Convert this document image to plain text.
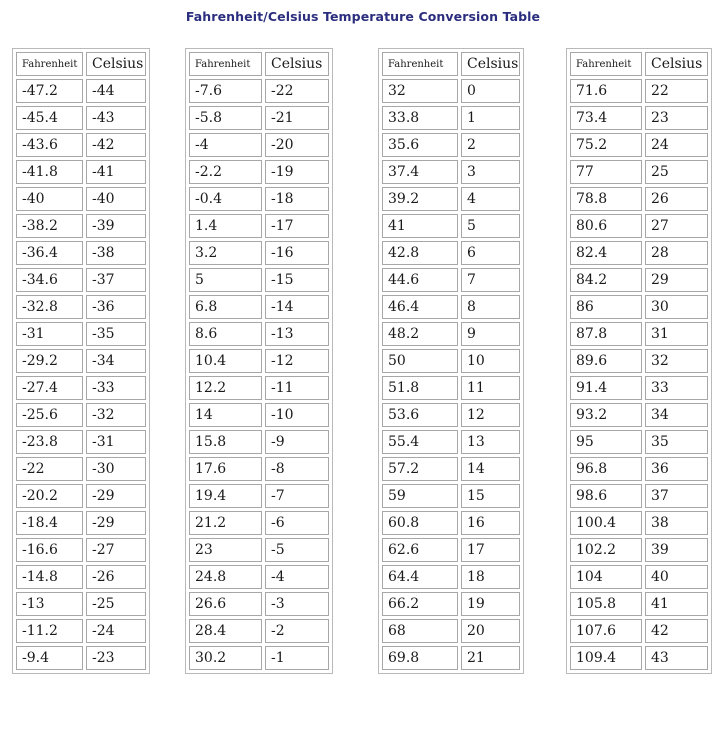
Fahrenheit/Celsius Temperature Conversion Table
Fahrenheit	Celsius
-47.2	-44
-45.4	-43
-43.6	-42
-41.8	-41
-40	-40
-38.2	-39
-36.4	-38
-34.6	-37
-32.8	-36
-31	-35
-29.2	-34
-27.4	-33
-25.6	-32
-23.8	-31
-22	-30
-20.2	-29
-18.4	-29
-16.6	-27
-14.8	-26
-13	-25
-11.2	-24
-9.4	-23
Fahrenheit	Celsius
-7.6	-22
-5.8	-21
-4	-20
-2.2	-19
-0.4	-18
1.4	-17
3.2	-16
5	-15
6.8	-14
8.6	-13
10.4	-12
12.2	-11
14	-10
15.8	-9
17.6	-8
19.4	-7
21.2	-6
23	-5
24.8	-4
26.6	-3
28.4	-2
30.2	-1
Fahrenheit	Celsius
32	0
33.8	1
35.6	2
37.4	3
39.2	4
41	5
42.8	6
44.6	7
46.4	8
48.2	9
50	10
51.8	11
53.6	12
55.4	13
57.2	14
59	15
60.8	16
62.6	17
64.4	18
66.2	19
68	20
69.8	21
Fahrenheit	Celsius
71.6	22
73.4	23
75.2	24
77	25
78.8	26
80.6	27
82.4	28
84.2	29
86	30
87.8	31
89.6	32
91.4	33
93.2	34
95	35
96.8	36
98.6	37
100.4	38
102.2	39
104	40
105.8	41
107.6	42
109.4	43
